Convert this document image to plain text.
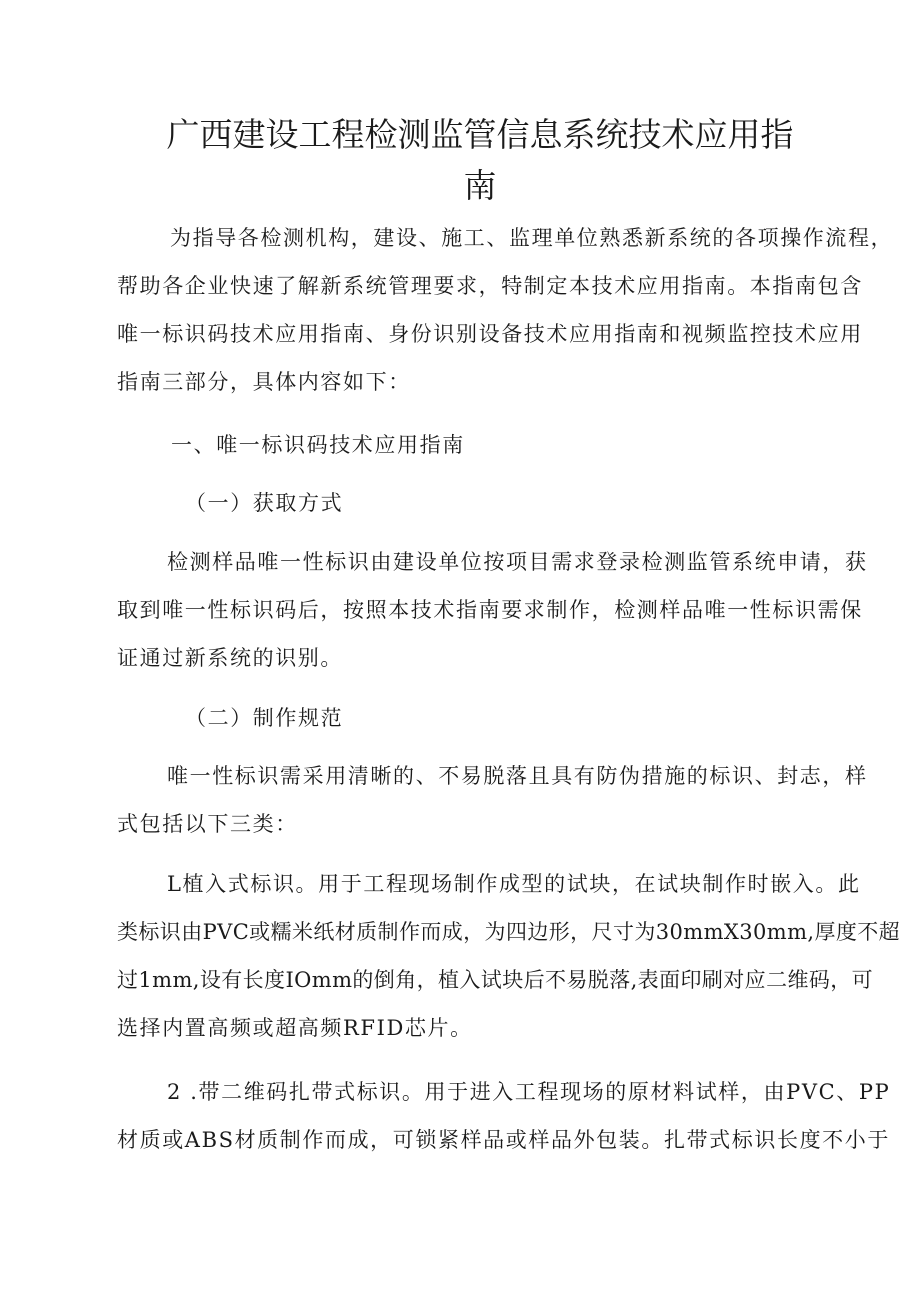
广西建设工程检测监管信息系统技术应用指
南
为指导各检测机构，建设、施工、监理单位熟悉新系统的各项操作流程，
帮助各企业快速了解新系统管理要求，特制定本技术应用指南。本指南包含
唯一标识码技术应用指南、身份识别设备技术应用指南和视频监控技术应用
指南三部分，具体内容如下：
一、唯一标识码技术应用指南
（一）获取方式
检测样品唯一性标识由建设单位按项目需求登录检测监管系统申请，获
取到唯一性标识码后，按照本技术指南要求制作，检测样品唯一性标识需保
证通过新系统的识别。
（二）制作规范
唯一性标识需采用清晰的、不易脱落且具有防伪措施的标识、封志，样
式包括以下三类：
L植入式标识。用于工程现场制作成型的试块，在试块制作时嵌入。此
类标识由PVC或糯米纸材质制作而成，为四边形，尺寸为30mmX30mm,厚度不超
过1mm,设有长度IOmm的倒角，植入试块后不易脱落,表面印刷对应二维码，可
选择内置高频或超高频RFID芯片。
2 .带二维码扎带式标识。用于进入工程现场的原材料试样，由PVC、PP
材质或ABS材质制作而成，可锁紧样品或样品外包装。扎带式标识长度不小于
